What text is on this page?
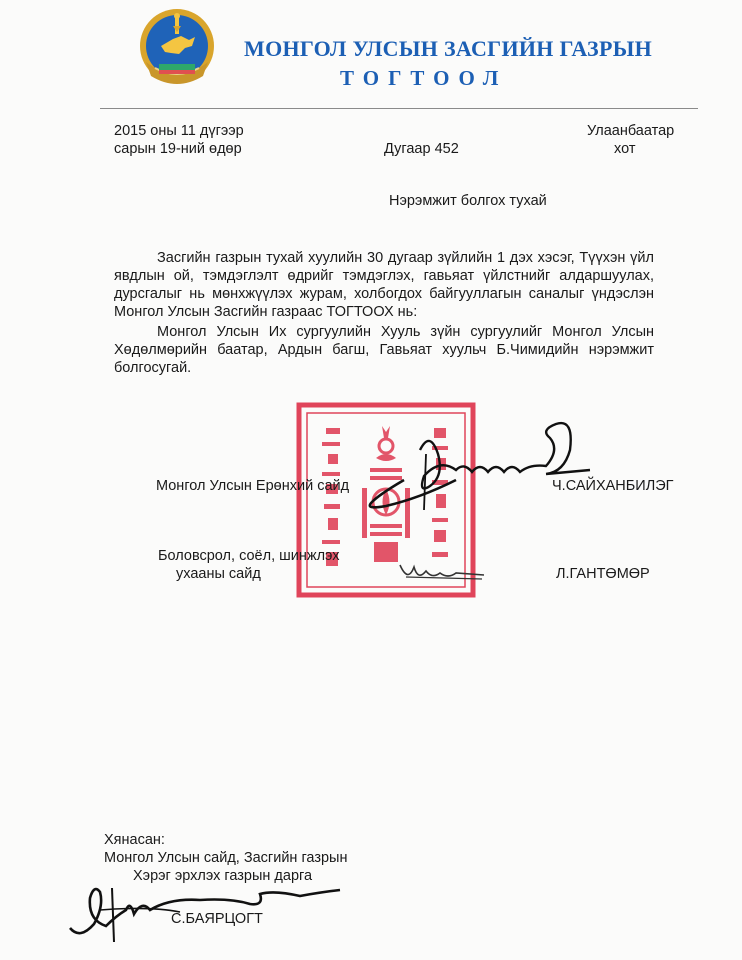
МОНГОЛ УЛСЫН ЗАСГИЙН ГАЗРЫН
ТОГТООЛ
2015 оны 11 дүгээр
сарын 19-ний өдөр	Дугаар 452
Улаанбаатар
хот
Нэрэмжит болгох тухай
Засгийн газрын тухай хуулийн 30 дугаар зүйлийн 1 дэх хэсэг, Түүхэн үйл явдлын ой, тэмдэглэлт өдрийг тэмдэглэх, гавьяат үйлстнийг алдаршуулах, дурсгалыг нь мөнхжүүлэх журам, холбогдох байгууллагын саналыг үндэслэн Монгол Улсын Засгийн газраас ТОГТООХ нь:
Монгол Улсын Их сургуулийн Хууль зүйн сургуулийг Монгол Улсын Хөдөлмөрийн баатар, Ардын багш, Гавьяат хуульч Б.Чимидийн нэрэмжит болгосугай.
Монгол Улсын Ерөнхий сайд	Ч.САЙХАНБИЛЭГ
Боловсрол, соёл, шинжлэх
ухааны сайд	Л.ГАНТӨМӨР
Хянасан:
Монгол Улсын сайд, Засгийн газрын
Хэрэг эрхлэх газрын дарга
С.БАЯРЦОГТ
